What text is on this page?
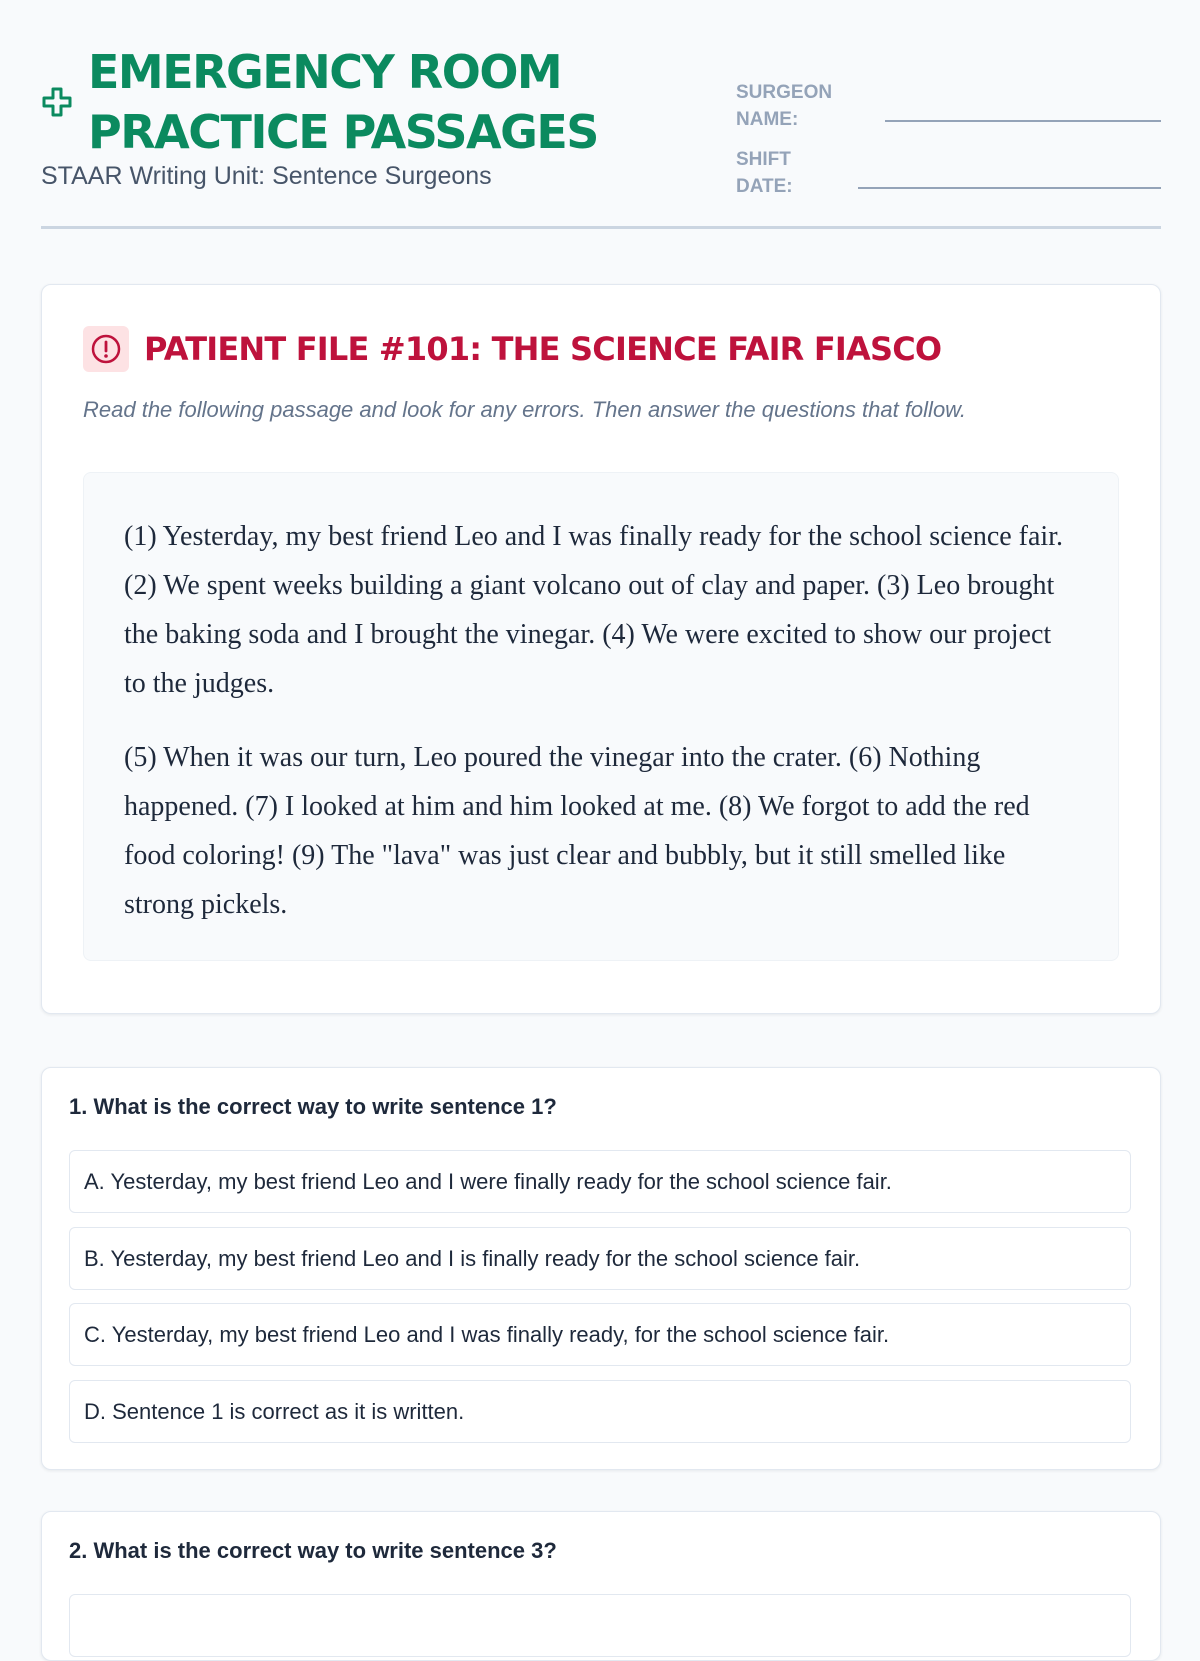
EMERGENCY ROOM
PRACTICE PASSAGES
STAAR Writing Unit: Sentence Surgeons
SURGEON
NAME:
SHIFT
DATE:
PATIENT FILE #101: THE SCIENCE FAIR FIASCO
Read the following passage and look for any errors. Then answer the questions that follow.

(1) Yesterday, my best friend Leo and I was finally ready for the school science fair. (2) We spent weeks building a giant volcano out of clay and paper. (3) Leo brought the baking soda and I brought the vinegar. (4) We were excited to show our project to the judges.

(5) When it was our turn, Leo poured the vinegar into the crater. (6) Nothing happened. (7) I looked at him and him looked at me. (8) We forgot to add the red food coloring! (9) The "lava" was just clear and bubbly, but it still smelled like strong pickels.

1. What is the correct way to write sentence 1?

A. Yesterday, my best friend Leo and I were finally ready for the school science fair.
B. Yesterday, my best friend Leo and I is finally ready for the school science fair.
C. Yesterday, my best friend Leo and I was finally ready, for the school science fair.
D. Sentence 1 is correct as it is written.

2. What is the correct way to write sentence 3?
